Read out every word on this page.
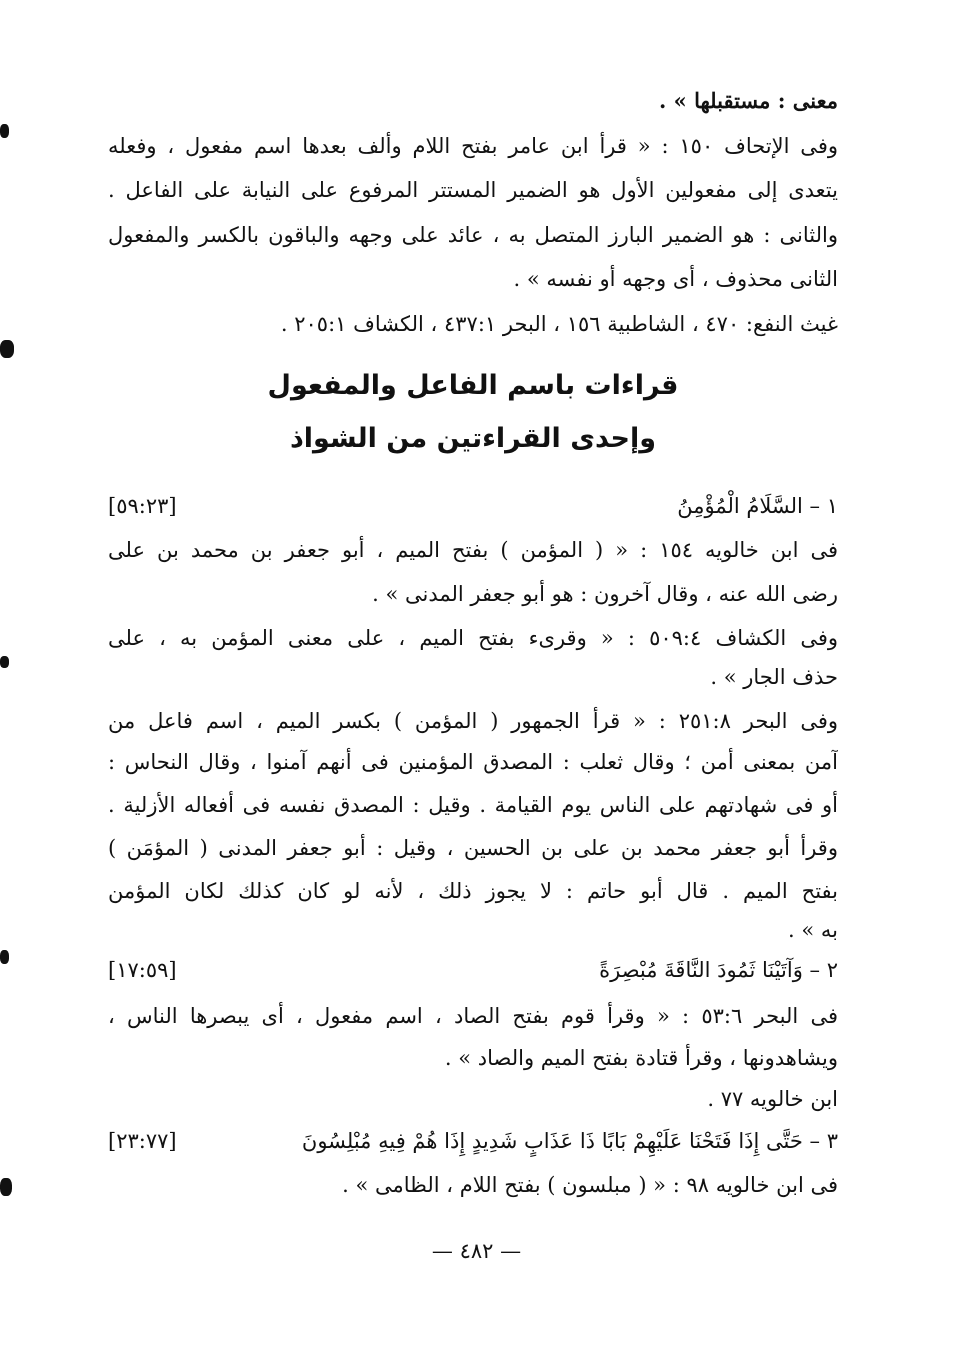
معنى : مستقبلها » .
وفى الإتحاف ١٥٠ : « قرأ ابن عامر بفتح اللام وألف بعدها اسم مفعول ، وفعله
يتعدى إلى مفعولين الأول هو الضمير المستتر المرفوع على النيابة على الفاعل .
والثانى : هو الضمير البارز المتصل به ، عائد على وجهه والباقون بالكسر والمفعول
الثانى محذوف ، أى وجهه أو نفسه » .
غيث النفع: ٤٧٠ ، الشاطبية ١٥٦ ، البحر ٤٣٧:١ ، الكشاف ٢٠٥:١ .
قراءات باسم الفاعل والمفعول
وإحدى القراءتين من الشواذ
١ – السَّلَامُ الْمُؤْمِنُ
[٥٩:٢٣]
فى ابن خالويه ١٥٤ : « ( المؤمن ) بفتح الميم ، أبو جعفر بن محمد بن على
رضى الله عنه ، وقال آخرون : هو أبو جعفر المدنى » .
وفى الكشاف ٥٠٩:٤ : « وقرىء بفتح الميم ، على معنى المؤمن به ، على
حذف الجار » .
وفى البحر ٢٥١:٨ : « قرأ الجمهور ( المؤمن ) بكسر الميم ، اسم فاعل من
آمن بمعنى أمن ؛ وقال ثعلب : المصدق المؤمنين فى أنهم آمنوا ، وقال النحاس :
أو فى شهادتهم على الناس يوم القيامة . وقيل : المصدق نفسه فى أفعاله الأزلية .
وقرأ أبو جعفر محمد بن على بن الحسين ، وقيل : أبو جعفر المدنى ( المؤمَن )
بفتح الميم . قال أبو حاتم : لا يجوز ذلك ، لأنه لو كان كذلك لكان المؤمن
به » .
٢ – وَآتَيْنَا ثَمُودَ النَّاقَةَ مُبْصِرَةً
[١٧:٥٩]
فى البحر ٥٣:٦ : « وقرأ قوم بفتح الصاد ، اسم مفعول ، أى يبصرها الناس ،
ويشاهدونها ، وقرأ قتادة بفتح الميم والصاد » .
ابن خالويه ٧٧ .
٣ – حَتَّى إِذَا فَتَحْنَا عَلَيْهِمْ بَابًا ذَا عَذَابٍ شَدِيدٍ إِذَا هُمْ فِيهِ مُبْلِسُونَ
[٢٣:٧٧]
فى ابن خالويه ٩٨ : « ( مبلسون ) بفتح اللام ، الظامى » .
— ٤٨٢ —
